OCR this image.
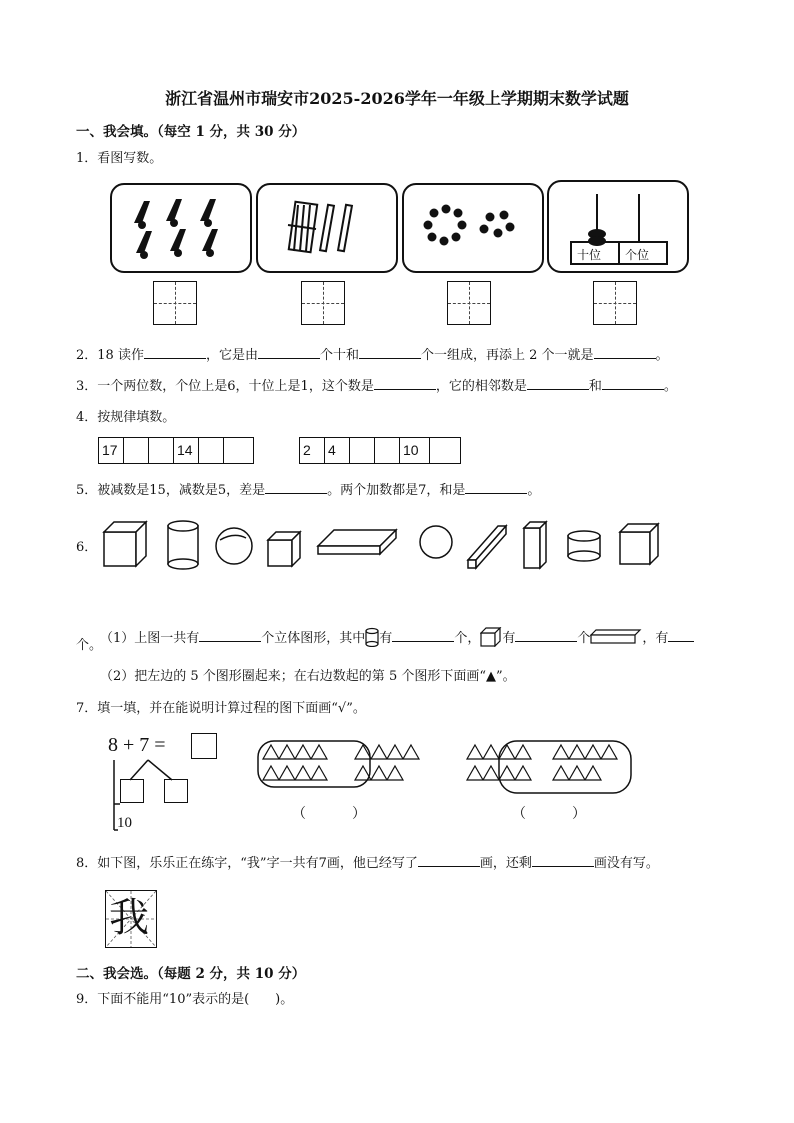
浙江省温州市瑞安市2025-2026学年一年级上学期期末数学试题
一、我会填。（每空 1 分，共 30 分）
1．看图写数。
十位 个位
2．18 读作	，它是由	个十和	个一组成，再添上 2 个一就是	。
3．一个两位数，个位上是6，十位上是1，这个数是	，它的相邻数是	和	。
4．按规律填数。
17	14	2	4	10
5．被减数是15，减数是5，差是	。两个加数都是7，和是	。
6．
（1）上图一共有	个立体图形，其中 有	个， 有	个	，有
个。
（2）把左边的 5 个图形圈起来；在右边数起的第 5 个图形下面画“▲”。
7．填一填，并在能说明计算过程的图下面画“√”。
8 + 7 =
10
（	）	（	）
8．如下图，乐乐正在练字，“我”字一共有7画，他已经写了	画，还剩	画没有写。
我
二、我会选。（每题 2 分，共 10 分）
9．下面不能用“10”表示的是(　　)。
